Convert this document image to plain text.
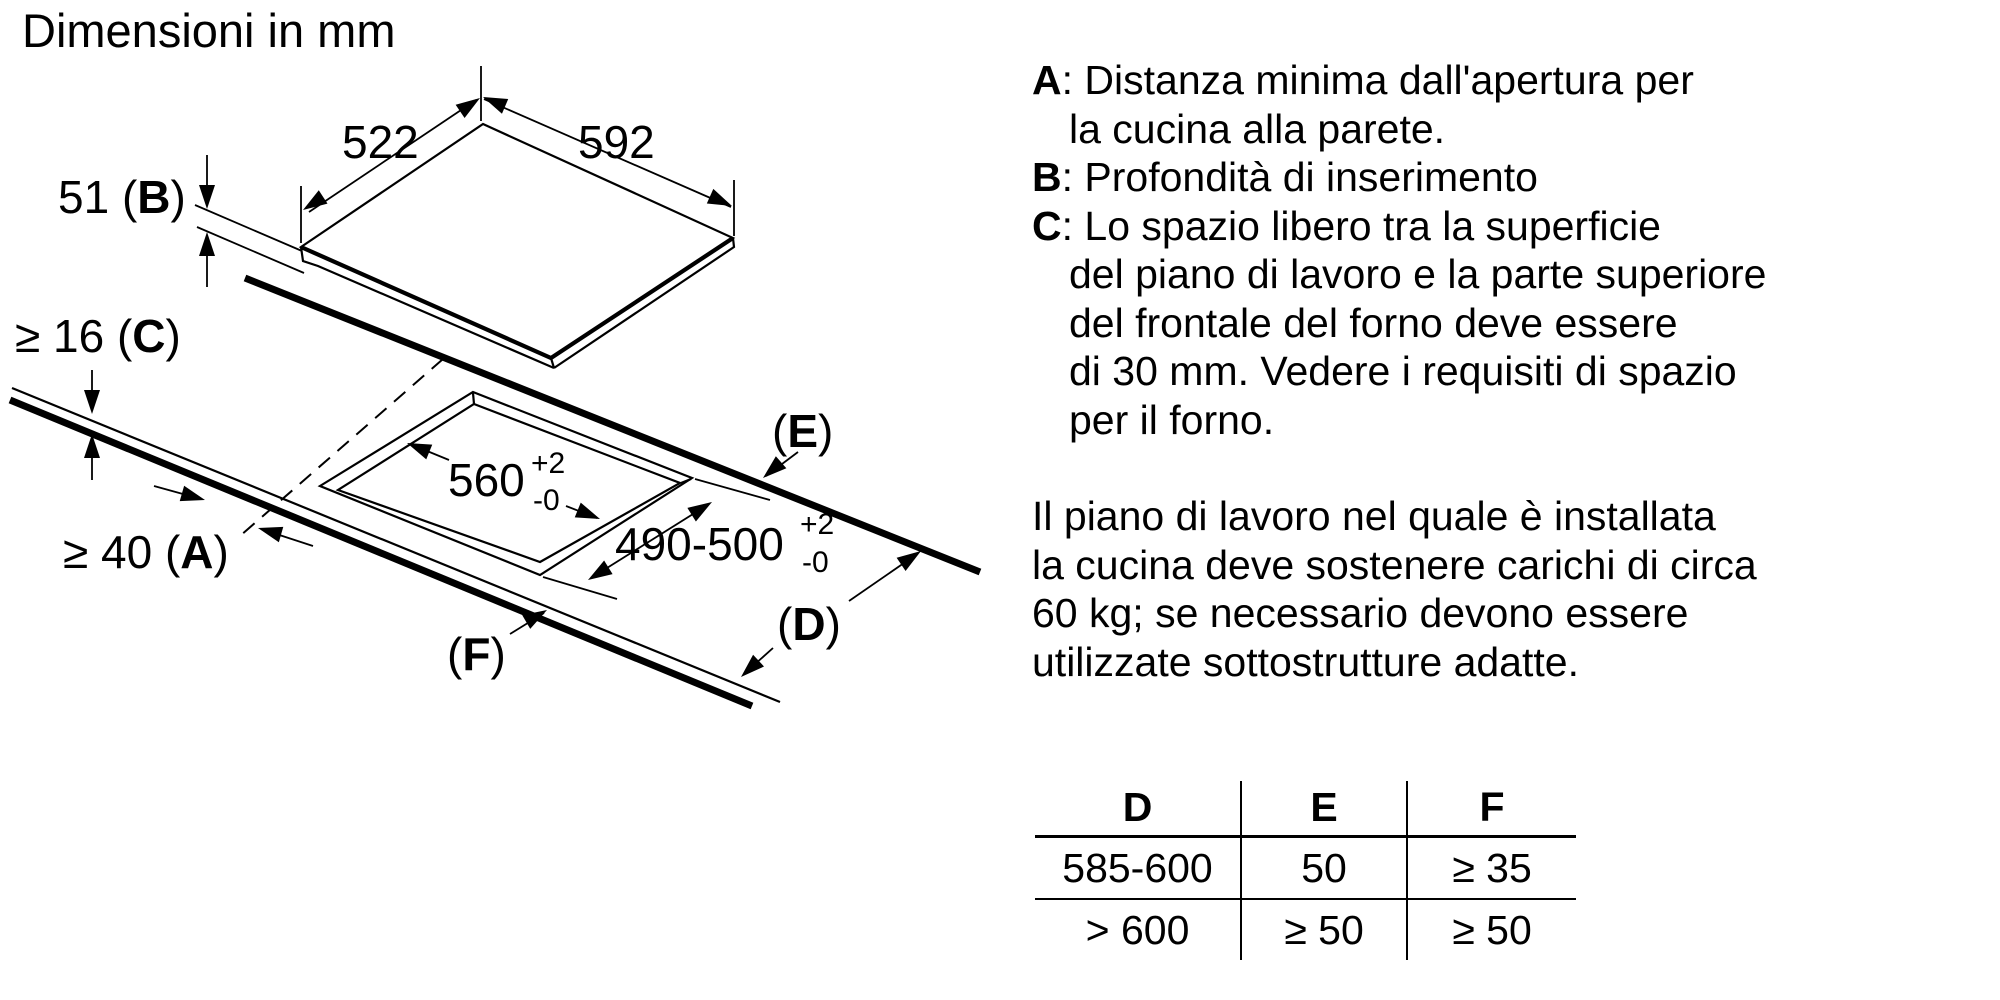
Dimensioni in mm
522	592
51 (B)
≥ 16 (C)
≥ 40 (A)
560 +2
-0
490-500 +2
-0
(E)
(D)
(F)
A: Distanza minima dall'apertura per
la cucina alla parete.
B: Profondità di inserimento
C: Lo spazio libero tra la superficie
del piano di lavoro e la parte superiore
del frontale del forno deve essere
di 30 mm. Vedere i requisiti di spazio
per il forno.
Il piano di lavoro nel quale è installata
la cucina deve sostenere carichi di circa
60 kg; se necessario devono essere
utilizzate sottostrutture adatte.
D	E	F
585-600	50	≥ 35
> 600	≥ 50	≥ 50
